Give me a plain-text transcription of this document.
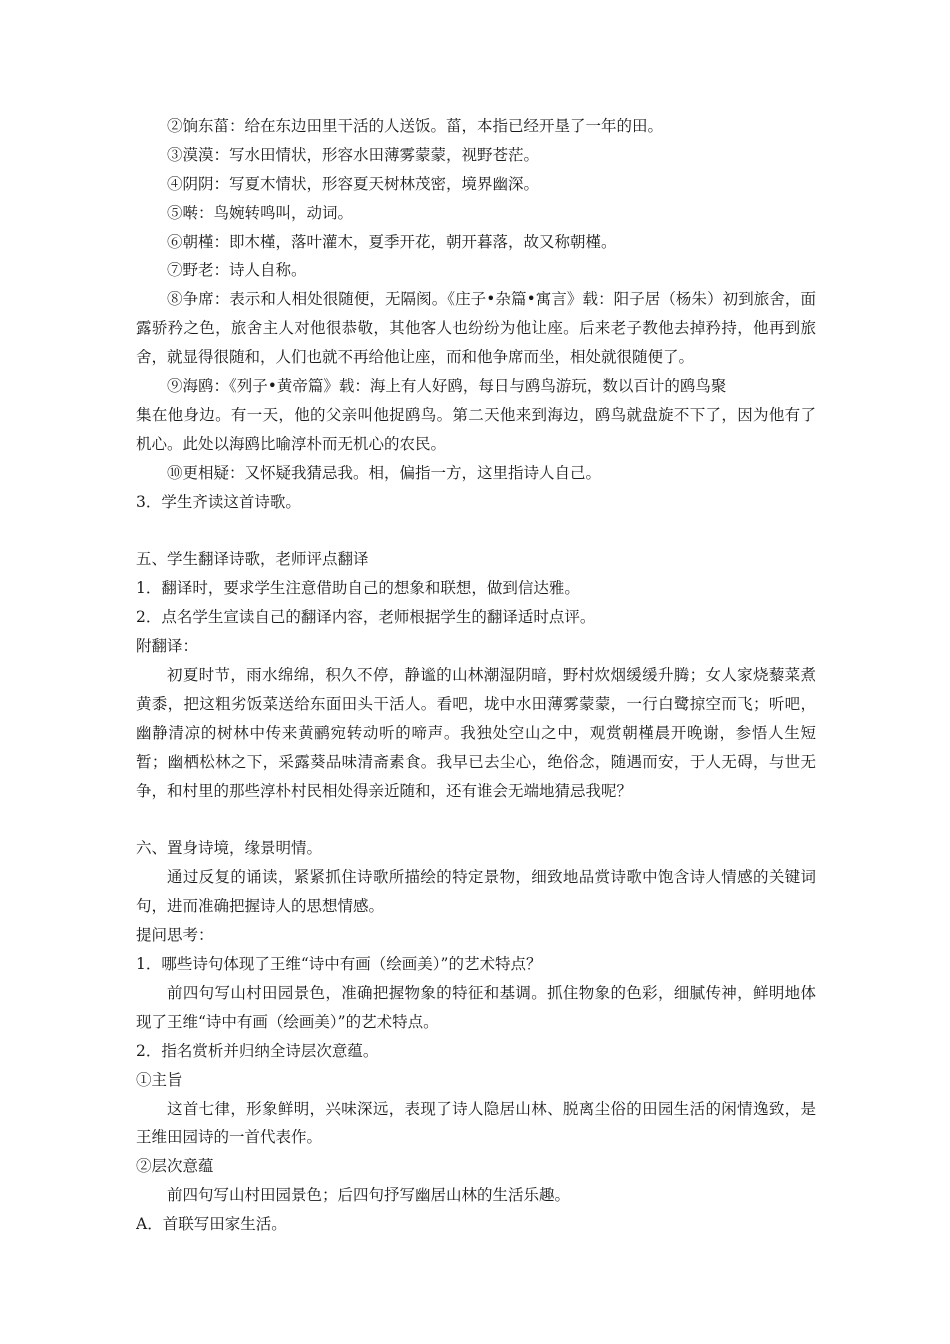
②饷东菑：给在东边田里干活的人送饭。菑，本指已经开垦了一年的田。
③漠漠：写水田情状，形容水田薄雾蒙蒙，视野苍茫。
④阴阴：写夏木情状，形容夏天树林茂密，境界幽深。
⑤啭：鸟婉转鸣叫，动词。
⑥朝槿：即木槿，落叶灌木，夏季开花，朝开暮落，故又称朝槿。
⑦野老：诗人自称。
⑧争席：表示和人相处很随便，无隔阂。《庄子•杂篇•寓言》载：阳子居（杨朱）初到旅舍，面露骄矜之色，旅舍主人对他很恭敬，其他客人也纷纷为他让座。后来老子教他去掉矜持，他再到旅舍，就显得很随和，人们也就不再给他让座，而和他争席而坐，相处就很随便了。
⑨海鸥：《列子•黄帝篇》载：海上有人好鸥，每日与鸥鸟游玩，数以百计的鸥鸟聚
集在他身边。有一天，他的父亲叫他捉鸥鸟。第二天他来到海边，鸥鸟就盘旋不下了，因为他有了机心。此处以海鸥比喻淳朴而无机心的农民。
⑩更相疑：又怀疑我猜忌我。相，偏指一方，这里指诗人自己。
3．学生齐读这首诗歌。
五、学生翻译诗歌，老师评点翻译
1．翻译时，要求学生注意借助自己的想象和联想，做到信达雅。
2．点名学生宣读自己的翻译内容，老师根据学生的翻译适时点评。
附翻译：
初夏时节，雨水绵绵，积久不停，静谧的山林潮湿阴暗，野村炊烟缓缓升腾；女人家烧藜菜煮黄黍，把这粗劣饭菜送给东面田头干活人。看吧，垅中水田薄雾蒙蒙，一行白鹭掠空而飞；听吧，幽静清凉的树林中传来黄鹂宛转动听的啼声。我独处空山之中，观赏朝槿晨开晚谢，参悟人生短暂；幽栖松林之下，采露葵品味清斋素食。我早已去尘心，绝俗念，随遇而安，于人无碍，与世无争，和村里的那些淳朴村民相处得亲近随和，还有谁会无端地猜忌我呢？
六、置身诗境，缘景明情。
通过反复的诵读，紧紧抓住诗歌所描绘的特定景物，细致地品赏诗歌中饱含诗人情感的关键词句，进而准确把握诗人的思想情感。
提问思考：
1．哪些诗句体现了王维“诗中有画（绘画美）”的艺术特点？
前四句写山村田园景色，准确把握物象的特征和基调。抓住物象的色彩，细腻传神，鲜明地体现了王维“诗中有画（绘画美）”的艺术特点。
2．指名赏析并归纳全诗层次意蕴。
①主旨
这首七律，形象鲜明，兴味深远，表现了诗人隐居山林、脱离尘俗的田园生活的闲情逸致，是王维田园诗的一首代表作。
②层次意蕴
前四句写山村田园景色；后四句抒写幽居山林的生活乐趣。
A．首联写田家生活。
